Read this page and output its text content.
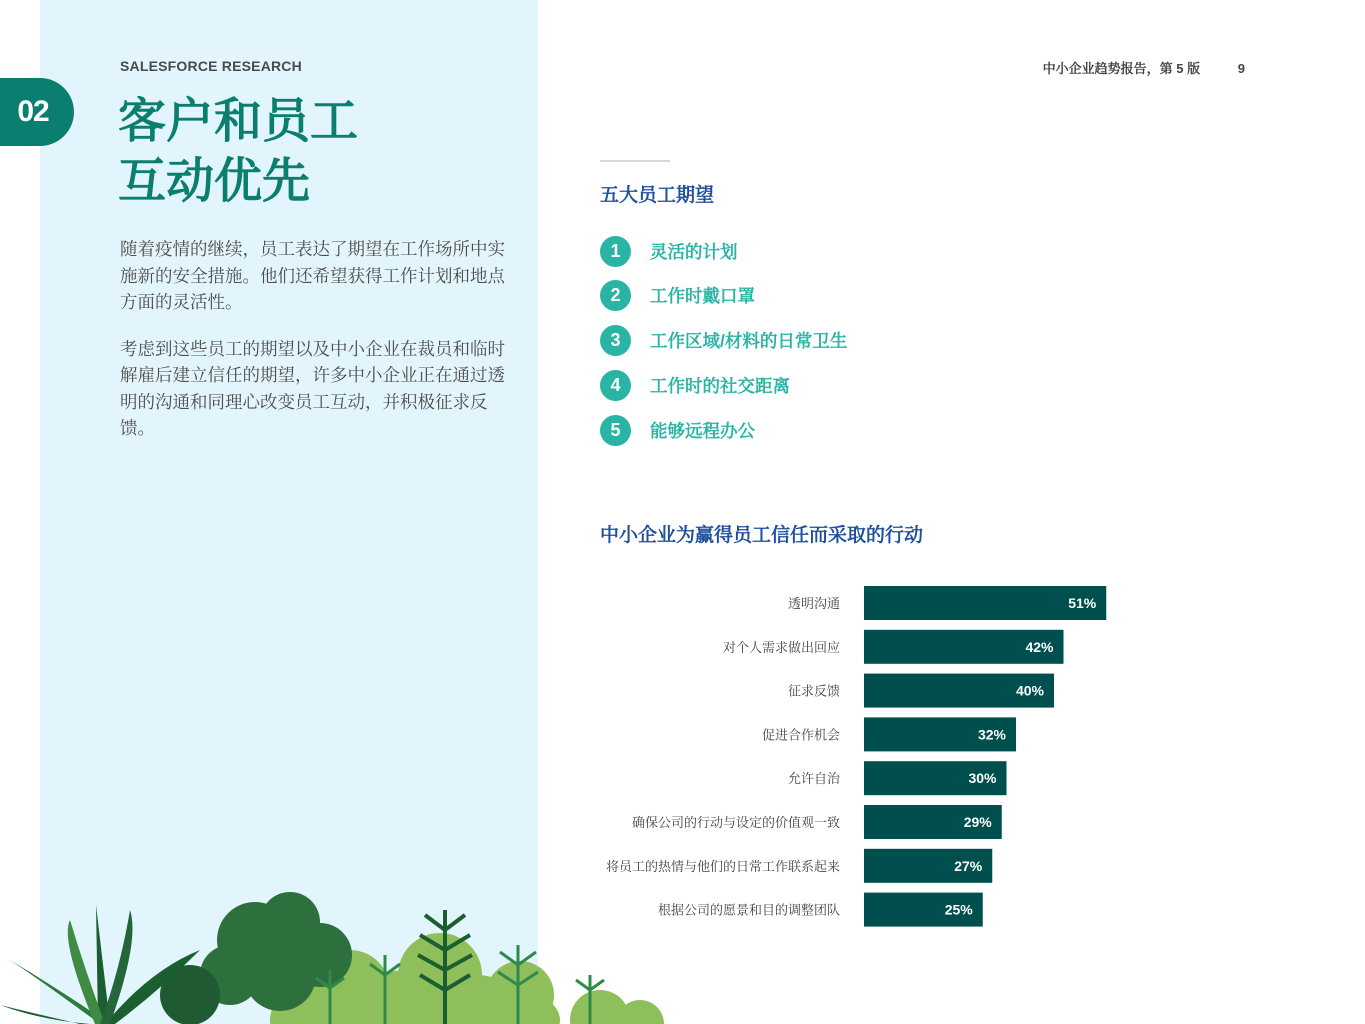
02
SALESFORCE RESEARCH
客户和员工
互动优先

随着疫情的继续，员工表达了期望在工作场所中实施新的安全措施。他们还希望获得工作计划和地点方面的灵活性。

考虑到这些员工的期望以及中小企业在裁员和临时解雇后建立信任的期望，许多中小企业正在通过透明的沟通和同理心改变员工互动，并积极征求反馈。

中小企业趋势报告，第 5 版	9
五大员工期望
1	灵活的计划
2	工作时戴口罩
3	工作区域/材料的日常卫生
4	工作时的社交距离
5	能够远程办公
中小企业为赢得员工信任而采取的行动
透明沟通	51%
对个人需求做出回应	42%
征求反馈	40%
促进合作机会	32%
允许自治	30%
确保公司的行动与设定的价值观一致	29%
将员工的热情与他们的日常工作联系起来	27%
根据公司的愿景和目的调整团队	25%
